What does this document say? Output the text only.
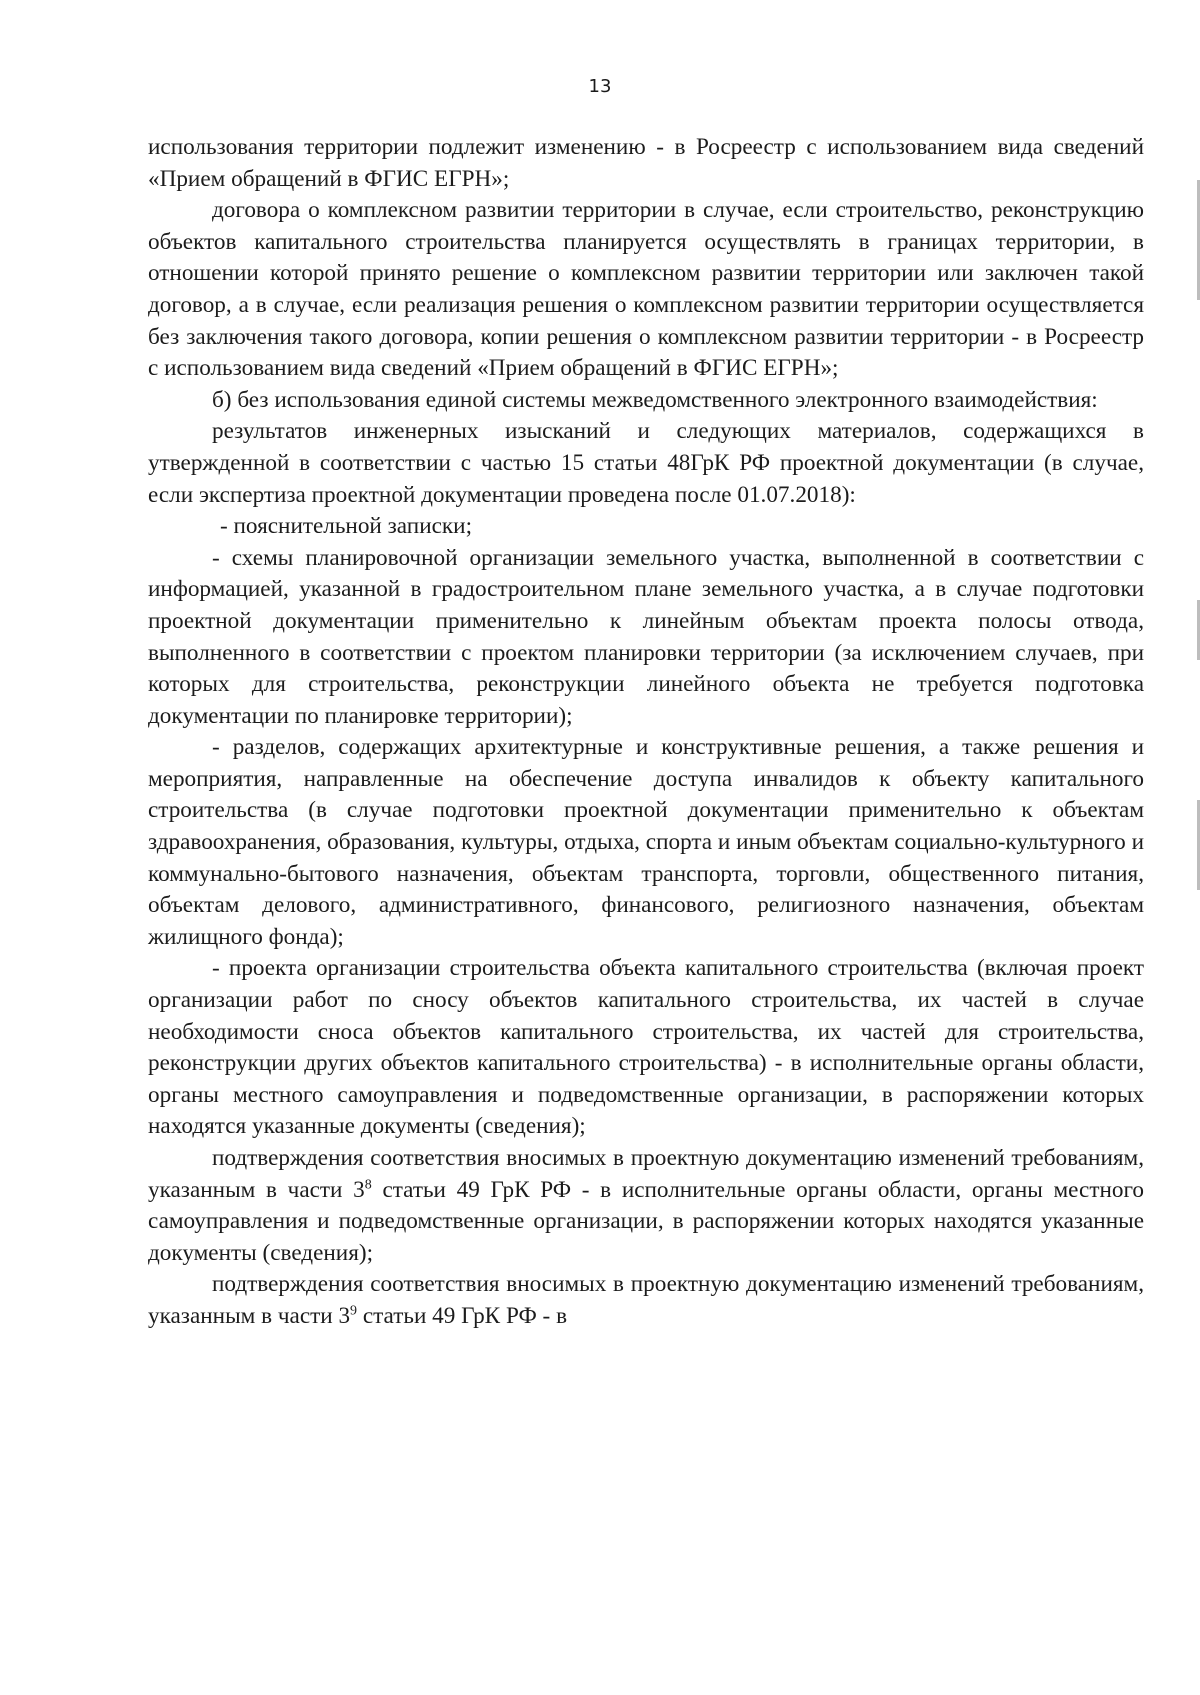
13

использования территории подлежит изменению - в Росреестр с использованием вида сведений «Прием обращений в ФГИС ЕГРН»;

договора о комплексном развитии территории в случае, если строительство, реконструкцию объектов капитального строительства планируется осуществлять в границах территории, в отношении которой принято решение о комплексном развитии территории или заключен такой договор, а в случае, если реализация решения о комплексном развитии территории осуществляется без заключения такого договора, копии решения о комплексном развитии территории - в Росреестр с использованием вида сведений «Прием обращений в ФГИС ЕГРН»;

б) без использования единой системы межведомственного электронного взаимодействия:

результатов инженерных изысканий и следующих материалов, содержащихся в утвержденной в соответствии с частью 15 статьи 48ГрК РФ проектной документации (в случае, если экспертиза проектной документации проведена после 01.07.2018):

- пояснительной записки;

- схемы планировочной организации земельного участка, выполненной в соответствии с информацией, указанной в градостроительном плане земельного участка, а в случае подготовки проектной документации применительно к линейным объектам проекта полосы отвода, выполненного в соответствии с проектом планировки территории (за исключением случаев, при которых для строительства, реконструкции линейного объекта не требуется подготовка документации по планировке территории);

- разделов, содержащих архитектурные и конструктивные решения, а также решения и мероприятия, направленные на обеспечение доступа инвалидов к объекту капитального строительства (в случае подготовки проектной документации применительно к объектам здравоохранения, образования, культуры, отдыха, спорта и иным объектам социально-культурного и коммунально-бытового назначения, объектам транспорта, торговли, общественного питания, объектам делового, административного, финансового, религиозного назначения, объектам жилищного фонда);

- проекта организации строительства объекта капитального строительства (включая проект организации работ по сносу объектов капитального строительства, их частей в случае необходимости сноса объектов капитального строительства, их частей для строительства, реконструкции других объектов капитального строительства) - в исполнительные органы области, органы местного самоуправления и подведомственные организации, в распоряжении которых находятся указанные документы (сведения);

подтверждения соответствия вносимых в проектную документацию изменений требованиям, указанным в части $3^8$ статьи 49 ГрК РФ - в исполнительные органы области, органы местного самоуправления и подведомственные организации, в распоряжении которых находятся указанные документы (сведения);

подтверждения соответствия вносимых в проектную документацию изменений требованиям, указанным в части $3^9$ статьи 49 ГрК РФ - в
